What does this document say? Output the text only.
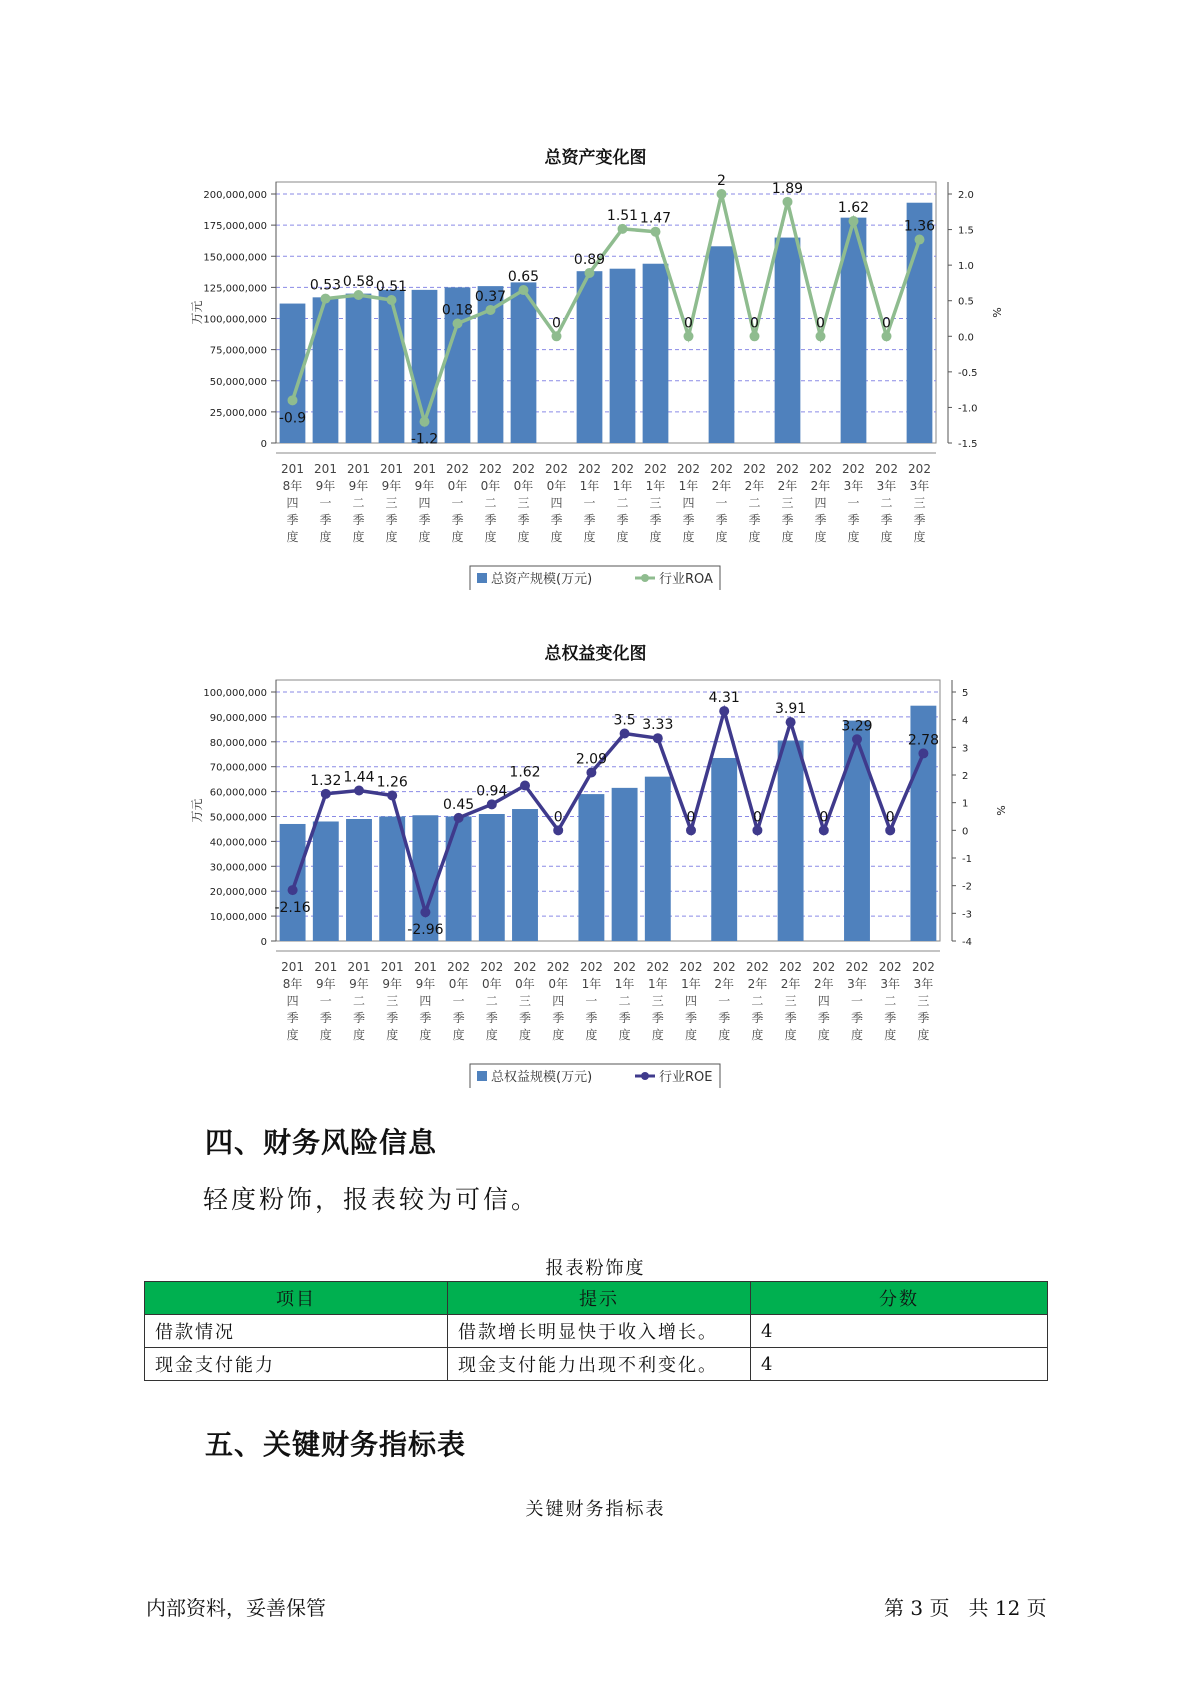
总资产变化图
0
25,000,000
50,000,000
75,000,000
100,000,000
125,000,000
150,000,000
175,000,000
200,000,000
-1.5
-1.0
-0.5
0.0
0.5
1.0
1.5
2.0
万元	%
201
8年
四
季
度
201
9年
一
季
度
201
9年
二
季
度
201
9年
三
季
度
201
9年
四
季
度
202
0年
一
季
度
202
0年
二
季
度
202
0年
三
季
度
202
0年
四
季
度
202
1年
一
季
度
202
1年
二
季
度
202
1年
三
季
度
202
1年
四
季
度
202
2年
一
季
度
202
2年
二
季
度
202
2年
三
季
度
202
2年
四
季
度
202
3年
一
季
度
202
3年
二
季
度
202
3年
三
季
度
-0.9
0.53 0.58 0.51
-1.2
0.18
0.37
0.65
0
0.89
1.51 1.47
0
2
0
1.89
0
1.62
0
1.36
总资产规模(万元)	行业ROA
总权益变化图
0
10,000,000
20,000,000
30,000,000
40,000,000
50,000,000
60,000,000
70,000,000
80,000,000
90,000,000
100,000,000
-4
-3
-2
-1
0
1
2
3
4
5
万元	%
201
8年
四
季
度
201
9年
一
季
度
201
9年
二
季
度
201
9年
三
季
度
201
9年
四
季
度
202
0年
一
季
度
202
0年
二
季
度
202
0年
三
季
度
202
0年
四
季
度
202
1年
一
季
度
202
1年
二
季
度
202
1年
三
季
度
202
1年
四
季
度
202
2年
一
季
度
202
2年
二
季
度
202
2年
三
季
度
202
2年
四
季
度
202
3年
一
季
度
202
3年
二
季
度
202
3年
三
季
度
-2.16
1.32 1.44 1.26
-2.96
0.45
0.94
1.62
0
2.09
3.5 3.33
0
4.31
0
3.91
0
3.29
0
2.78
总权益规模(万元)	行业ROE
四、财务风险信息
轻度粉饰，报表较为可信。
报表粉饰度
项目	提示	分数
借款情况	借款增长明显快于收入增长。	4
现金支付能力	现金支付能力出现不利变化。	4
五、关键财务指标表
关键财务指标表
内部资料，妥善保管	第 3 页   共 12 页
